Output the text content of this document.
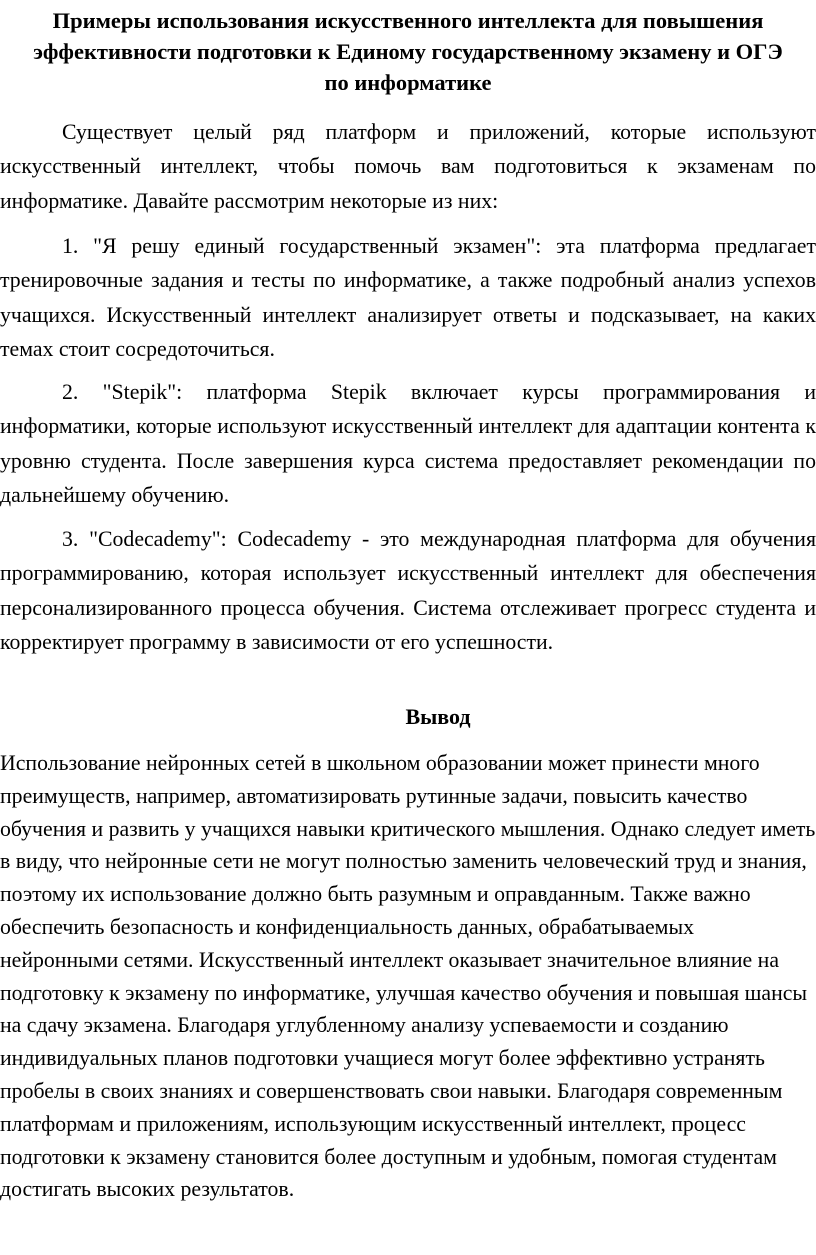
Примеры использования искусственного интеллекта для повышения эффективности подготовки к Единому государственному экзамену и ОГЭ по информатике

Существует целый ряд платформ и приложений, которые используют искусственный интеллект, чтобы помочь вам подготовиться к экзаменам по информатике. Давайте рассмотрим некоторые из них:

1. "Я решу единый государственный экзамен": эта платформа предлагает тренировочные задания и тесты по информатике, а также подробный анализ успехов учащихся. Искусственный интеллект анализирует ответы и подсказывает, на каких темах стоит сосредоточиться.

2. "Stepik": платформа Stepik включает курсы программирования и информатики, которые используют искусственный интеллект для адаптации контента к уровню студента. После завершения курса система предоставляет рекомендации по дальнейшему обучению.

3. "Codecademy": Codecademy - это международная платформа для обучения программированию, которая использует искусственный интеллект для обеспечения персонализированного процесса обучения. Система отслеживает прогресс студента и корректирует программу в зависимости от его успешности.

Вывод

Использование нейронных сетей в школьном образовании может принести много преимуществ, например, автоматизировать рутинные задачи, повысить качество обучения и развить у учащихся навыки критического мышления. Однако следует иметь в виду, что нейронные сети не могут полностью заменить человеческий труд и знания, поэтому их использование должно быть разумным и оправданным. Также важно обеспечить безопасность и конфиденциальность данных, обрабатываемых нейронными сетями. Искусственный интеллект оказывает значительное влияние на подготовку к экзамену по информатике, улучшая качество обучения и повышая шансы на сдачу экзамена. Благодаря углубленному анализу успеваемости и созданию индивидуальных планов подготовки учащиеся могут более эффективно устранять пробелы в своих знаниях и совершенствовать свои навыки. Благодаря современным платформам и приложениям, использующим искусственный интеллект, процесс подготовки к экзамену становится более доступным и удобным, помогая студентам достигать высоких результатов.
